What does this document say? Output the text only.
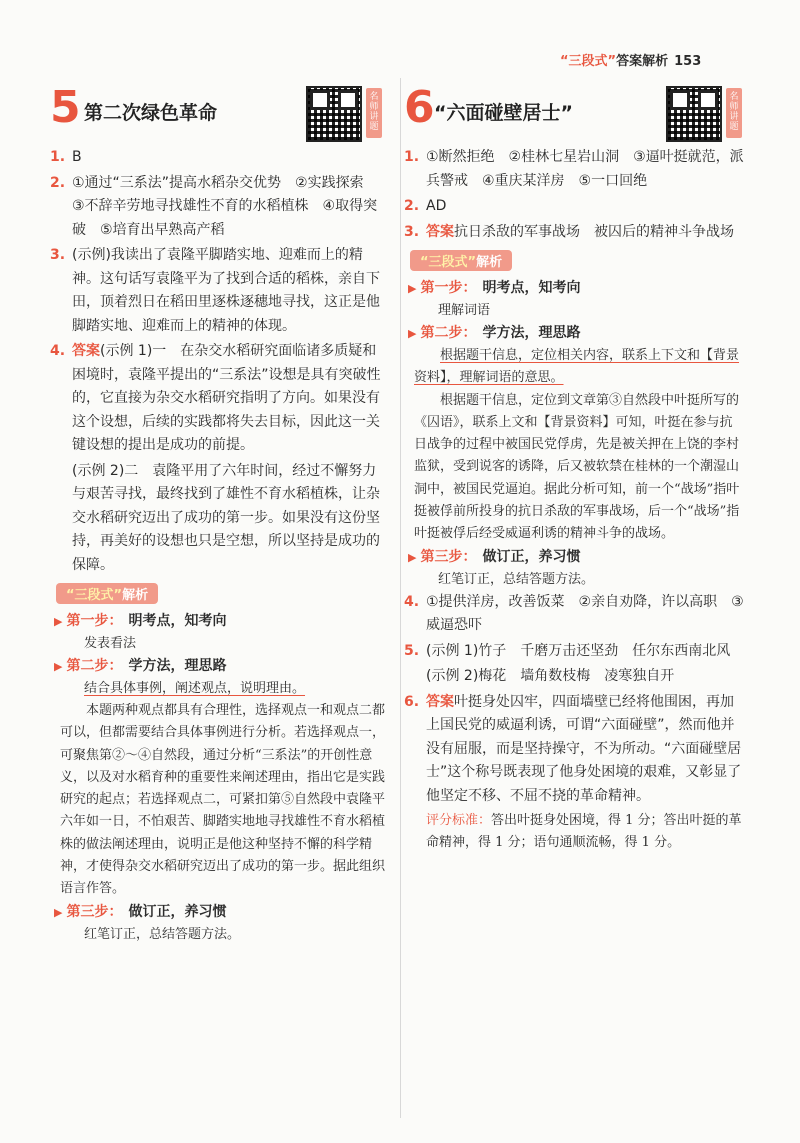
“三段式”答案解析 153
5 第二次绿色革命
名师讲题
1. B
2. ①通过“三系法”提高水稻杂交优势　②实践探索　③不辞辛劳地寻找雄性不育的水稻植株　④取得突破　⑤培育出早熟高产稻
3. (示例)我读出了袁隆平脚踏实地、迎难而上的精神。这句话写袁隆平为了找到合适的稻株，亲自下田，顶着烈日在稻田里逐株逐穗地寻找，这正是他脚踏实地、迎难而上的精神的体现。
4. 答案(示例 1)一　在杂交水稻研究面临诸多质疑和困境时，袁隆平提出的“三系法”设想是具有突破性的，它直接为杂交水稻研究指明了方向。如果没有这个设想，后续的实践都将失去目标，因此这一关键设想的提出是成功的前提。
(示例 2)二　袁隆平用了六年时间，经过不懈努力与艰苦寻找，最终找到了雄性不育水稻植株，让杂交水稻研究迈出了成功的第一步。如果没有这份坚持，再美好的设想也只是空想，所以坚持是成功的保障。
“三段式”解析
▶ 第一步： 明考点，知考向
发表看法
▶ 第二步： 学方法，理思路
结合具体事例，阐述观点，说明理由。
本题两种观点都具有合理性，选择观点一和观点二都可以，但都需要结合具体事例进行分析。若选择观点一，可聚焦第②～④自然段，通过分析“三系法”的开创性意义，以及对水稻育种的重要性来阐述理由，指出它是实践研究的起点；若选择观点二，可紧扣第⑤自然段中袁隆平六年如一日，不怕艰苦、脚踏实地地寻找雄性不育水稻植株的做法阐述理由，说明正是他这种坚持不懈的科学精神，才使得杂交水稻研究迈出了成功的第一步。据此组织语言作答。
▶ 第三步： 做订正，养习惯
红笔订正，总结答题方法。
6 “六面碰壁居士”
名师讲题
1. ①断然拒绝　②桂林七星岩山洞　③逼叶挺就范，派兵警戒　④重庆某洋房　⑤一口回绝
2. AD
3. 答案抗日杀敌的军事战场　被囚后的精神斗争战场
“三段式”解析
▶ 第一步： 明考点，知考向
理解词语
▶ 第二步： 学方法，理思路
根据题干信息，定位相关内容，联系上下文和【背景资料】，理解词语的意思。
根据题干信息，定位到文章第③自然段中叶挺所写的《囚语》，联系上文和【背景资料】可知，叶挺在参与抗日战争的过程中被国民党俘虏，先是被关押在上饶的李村监狱，受到说客的诱降，后又被软禁在桂林的一个潮湿山洞中，被国民党逼迫。据此分析可知，前一个“战场”指叶挺被俘前所投身的抗日杀敌的军事战场，后一个“战场”指叶挺被俘后经受威逼利诱的精神斗争的战场。
▶ 第三步： 做订正，养习惯
红笔订正，总结答题方法。
4. ①提供洋房，改善饭菜　②亲自劝降，许以高职　③威逼恐吓
5. (示例 1)竹子　千磨万击还坚劲　任尔东西南北风
(示例 2)梅花　墙角数枝梅　凌寒独自开
6. 答案叶挺身处囚牢，四面墙壁已经将他围困，再加上国民党的威逼利诱，可谓“六面碰壁”，然而他并没有屈服，而是坚持操守，不为所动。“六面碰壁居士”这个称号既表现了他身处困境的艰难，又彰显了他坚定不移、不屈不挠的革命精神。
评分标准：答出叶挺身处困境，得 1 分；答出叶挺的革命精神，得 1 分；语句通顺流畅，得 1 分。
